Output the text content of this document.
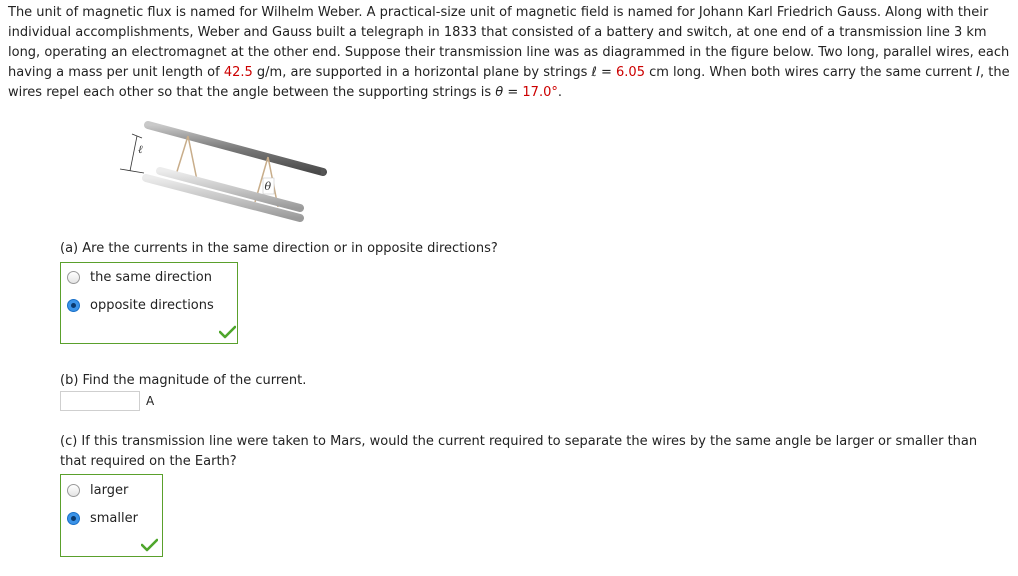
The unit of magnetic flux is named for Wilhelm Weber. A practical-size unit of magnetic field is named for Johann Karl Friedrich Gauss. Along with their individual accomplishments, Weber and Gauss built a telegraph in 1833 that consisted of a battery and switch, at one end of a transmission line 3 km long, operating an electromagnet at the other end. Suppose their transmission line was as diagrammed in the figure below. Two long, parallel wires, each having a mass per unit length of 42.5 g/m, are supported in a horizontal plane by strings ℓ = 6.05 cm long. When both wires carry the same current I, the wires repel each other so that the angle between the supporting strings is θ = 17.0°.
θ
ℓ
(a) Are the currents in the same direction or in opposite directions?
the same direction
opposite directions
(b) Find the magnitude of the current.
A
(c) If this transmission line were taken to Mars, would the current required to separate the wires by the same angle be larger or smaller than that required on the Earth?
larger
smaller
